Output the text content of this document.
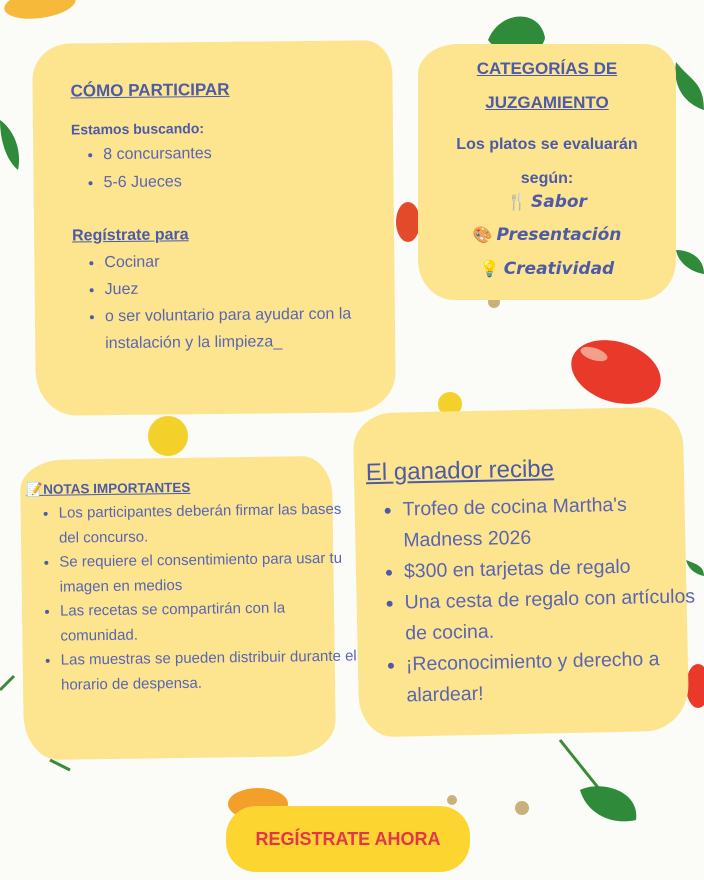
CÓMO PARTICIPAR
Estamos buscando:
• 8 concursantes
• 5-6 Jueces
Regístrate para
• Cocinar
• Juez
• o ser voluntario para ayudar con la instalación y la limpieza_
CATEGORÍAS DE
JUZGAMIENTO
Los platos se evaluarán según:
🍴 Sabor
🎨 Presentación
💡 Creatividad
📝NOTAS IMPORTANTES
• Los participantes deberán firmar las bases del concurso.
• Se requiere el consentimiento para usar tu imagen en medios
• Las recetas se compartirán con la comunidad.
• Las muestras se pueden distribuir durante el horario de despensa.
El ganador recibe
• Trofeo de cocina Martha's Madness 2026
• $300 en tarjetas de regalo
• Una cesta de regalo con artículos de cocina.
• ¡Reconocimiento y derecho a alardear!
REGÍSTRATE AHORA
